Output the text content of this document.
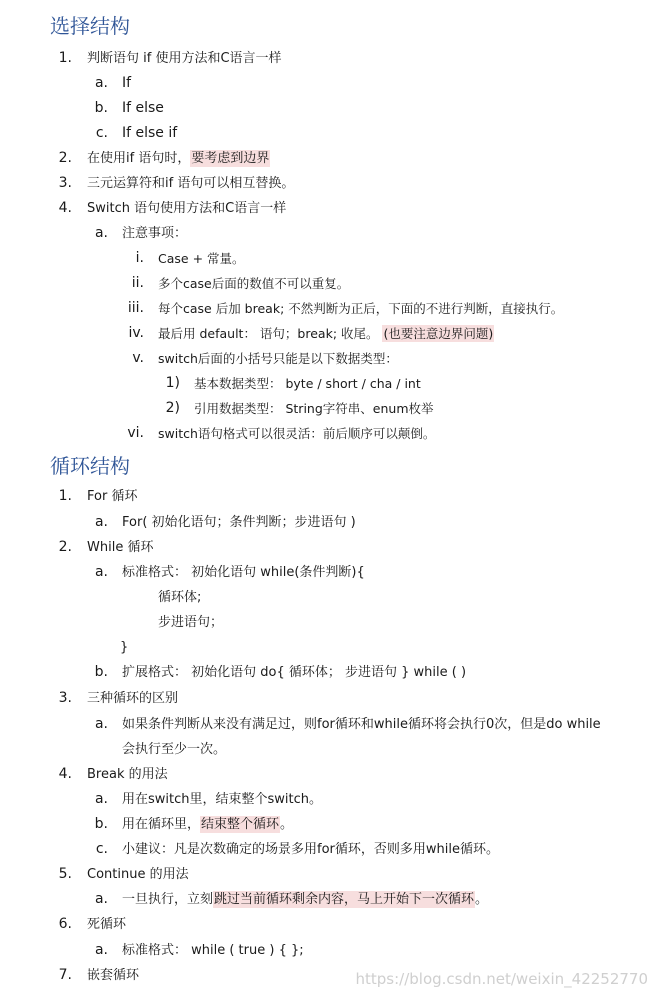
选择结构
1. 判断语句 if 使用方法和C语言一样
a. If
b. If else
c. If else if
2. 在使用if 语句时，要考虑到边界
3. 三元运算符和if 语句可以相互替换。
4. Switch 语句使用方法和C语言一样
a. 注意事项：
i. Case + 常量。
ii. 多个case后面的数值不可以重复。
iii. 每个case 后加 break; 不然判断为正后，下面的不进行判断，直接执行。
iv. 最后用 default： 语句；break; 收尾。 (也要注意边界问题)
v. switch后面的小括号只能是以下数据类型：
1) 基本数据类型： byte / short / cha / int
2) 引用数据类型： String字符串、enum枚举
vi. switch语句格式可以很灵活：前后顺序可以颠倒。
循环结构
1. For 循环
a. For( 初始化语句；条件判断；步进语句 )
2. While 循环
a. 标准格式： 初始化语句 while(条件判断){
循环体;
步进语句；
}
b. 扩展格式： 初始化语句 do{ 循环体； 步进语句 } while ( )
3. 三种循环的区别
a. 如果条件判断从来没有满足过，则for循环和while循环将会执行0次，但是do while
会执行至少一次。
4. Break 的用法
a. 用在switch里，结束整个switch。
b. 用在循环里，结束整个循环。
c. 小建议：凡是次数确定的场景多用for循环，否则多用while循环。
5. Continue 的用法
a. 一旦执行，立刻跳过当前循环剩余内容，马上开始下一次循环。
6. 死循环
a. 标准格式： while ( true ) { };
7. 嵌套循环	https://blog.csdn.net/weixin_42252770
